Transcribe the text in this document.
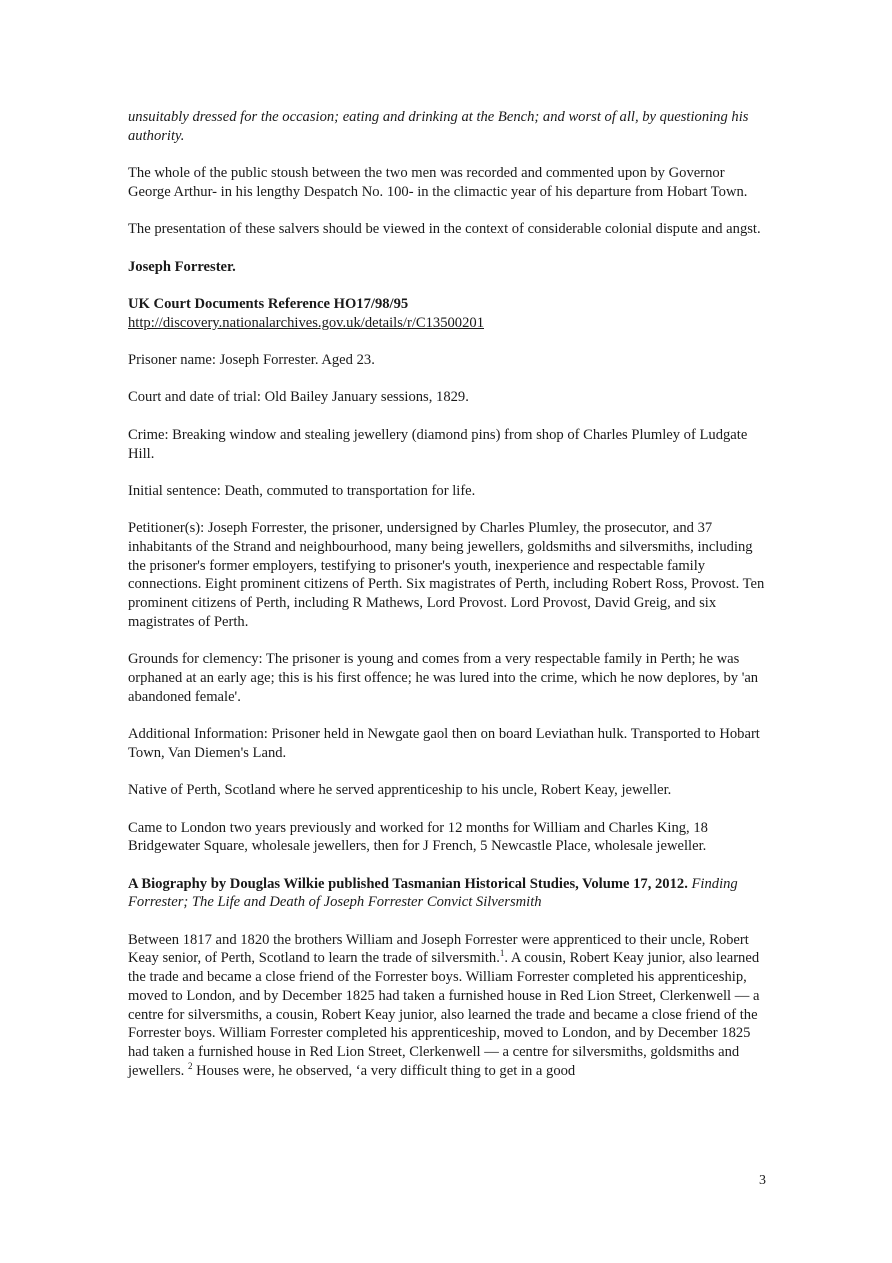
unsuitably dressed for the occasion; eating and drinking at the Bench; and worst of all, by questioning his authority.

The whole of the public stoush between the two men was recorded and commented upon by Governor George Arthur- in his lengthy Despatch No. 100- in the climactic year of his departure from Hobart Town.

The presentation of these salvers should be viewed in the context of considerable colonial dispute and angst.

Joseph Forrester.

UK Court Documents Reference HO17/98/95
http://discovery.nationalarchives.gov.uk/details/r/C13500201

Prisoner name: Joseph Forrester. Aged 23.

Court and date of trial: Old Bailey January sessions, 1829.

Crime: Breaking window and stealing jewellery (diamond pins) from shop of Charles Plumley of Ludgate Hill.

Initial sentence: Death, commuted to transportation for life.

Petitioner(s): Joseph Forrester, the prisoner, undersigned by Charles Plumley, the prosecutor, and 37 inhabitants of the Strand and neighbourhood, many being jewellers, goldsmiths and silversmiths, including the prisoner's former employers, testifying to prisoner's youth, inexperience and respectable family connections. Eight prominent citizens of Perth. Six magistrates of Perth, including Robert Ross, Provost. Ten prominent citizens of Perth, including R Mathews, Lord Provost. Lord Provost, David Greig, and six magistrates of Perth.

Grounds for clemency: The prisoner is young and comes from a very respectable family in Perth; he was orphaned at an early age; this is his first offence; he was lured into the crime, which he now deplores, by 'an abandoned female'.

Additional Information: Prisoner held in Newgate gaol then on board Leviathan hulk. Transported to Hobart Town, Van Diemen's Land.

Native of Perth, Scotland where he served apprenticeship to his uncle, Robert Keay, jeweller.

Came to London two years previously and worked for 12 months for William and Charles King, 18 Bridgewater Square, wholesale jewellers, then for J French, 5 Newcastle Place, wholesale jeweller.

A Biography by Douglas Wilkie published Tasmanian Historical Studies, Volume 17, 2012. Finding Forrester; The Life and Death of Joseph Forrester Convict Silversmith

Between 1817 and 1820 the brothers William and Joseph Forrester were apprenticed to their uncle, Robert Keay senior, of Perth, Scotland to learn the trade of silversmith.$^1$. A cousin, Robert Keay junior, also learned the trade and became a close friend of the Forrester boys. William Forrester completed his apprenticeship, moved to London, and by December 1825 had taken a furnished house in Red Lion Street, Clerkenwell — a centre for silversmiths, a cousin, Robert Keay junior, also learned the trade and became a close friend of the Forrester boys. William Forrester completed his apprenticeship, moved to London, and by December 1825 had taken a furnished house in Red Lion Street, Clerkenwell — a centre for silversmiths, goldsmiths and jewellers. $^2$ Houses were, he observed, ‘a very difficult thing to get in a good

3
